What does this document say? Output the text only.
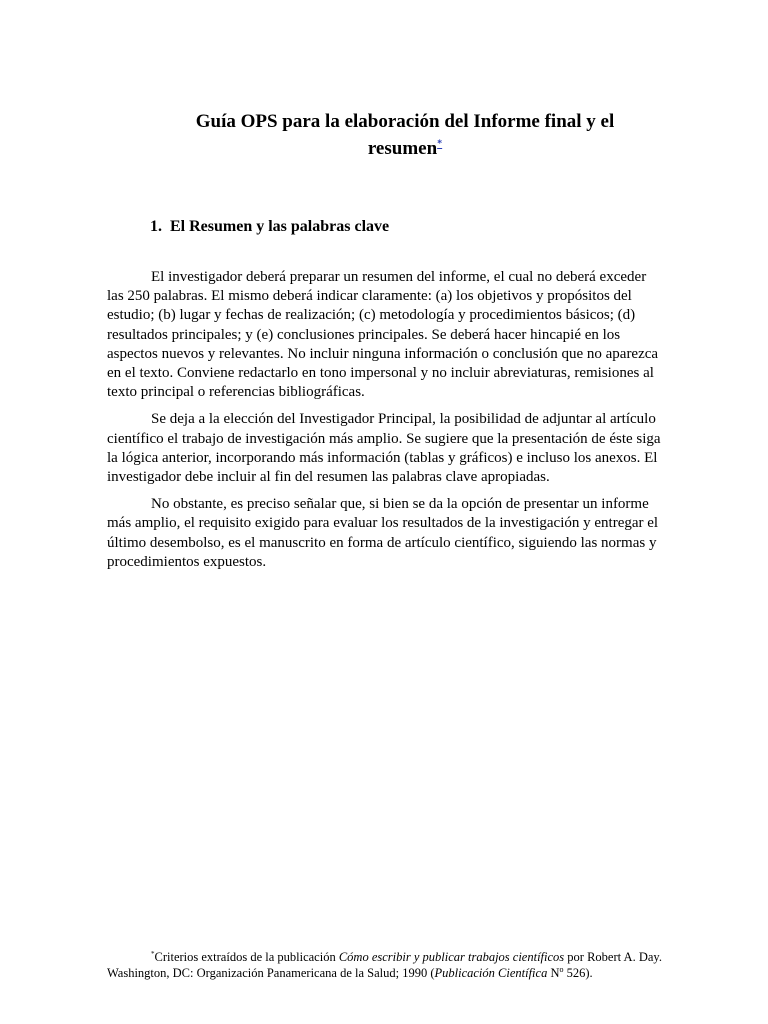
Guía OPS para la elaboración del Informe final y el
resumen*
1. El Resumen y las palabras clave

El investigador deberá preparar un resumen del informe, el cual no deberá exceder las 250 palabras. El mismo deberá indicar claramente: (a) los objetivos y propósitos del estudio; (b) lugar y fechas de realización; (c) metodología y procedimientos básicos; (d) resultados principales; y (e) conclusiones principales. Se deberá hacer hincapié en los aspectos nuevos y relevantes. No incluir ninguna información o conclusión que no aparezca en el texto. Conviene redactarlo en tono impersonal y no incluir abreviaturas, remisiones al texto principal o referencias bibliográficas.

Se deja a la elección del Investigador Principal, la posibilidad de adjuntar al artículo científico el trabajo de investigación más amplio. Se sugiere que la presentación de éste siga la lógica anterior, incorporando más información (tablas y gráficos) e incluso los anexos. El investigador debe incluir al fin del resumen las palabras clave apropiadas.

No obstante, es preciso señalar que, si bien se da la opción de presentar un informe más amplio, el requisito exigido para evaluar los resultados de la investigación y entregar el último desembolso, es el manuscrito en forma de artículo científico, siguiendo las normas y procedimientos expuestos.

*Criterios extraídos de la publicación Cómo escribir y publicar trabajos científicos por Robert A. Day. Washington, DC: Organización Panamericana de la Salud; 1990 (Publicación Científica $N^o$ 526).
